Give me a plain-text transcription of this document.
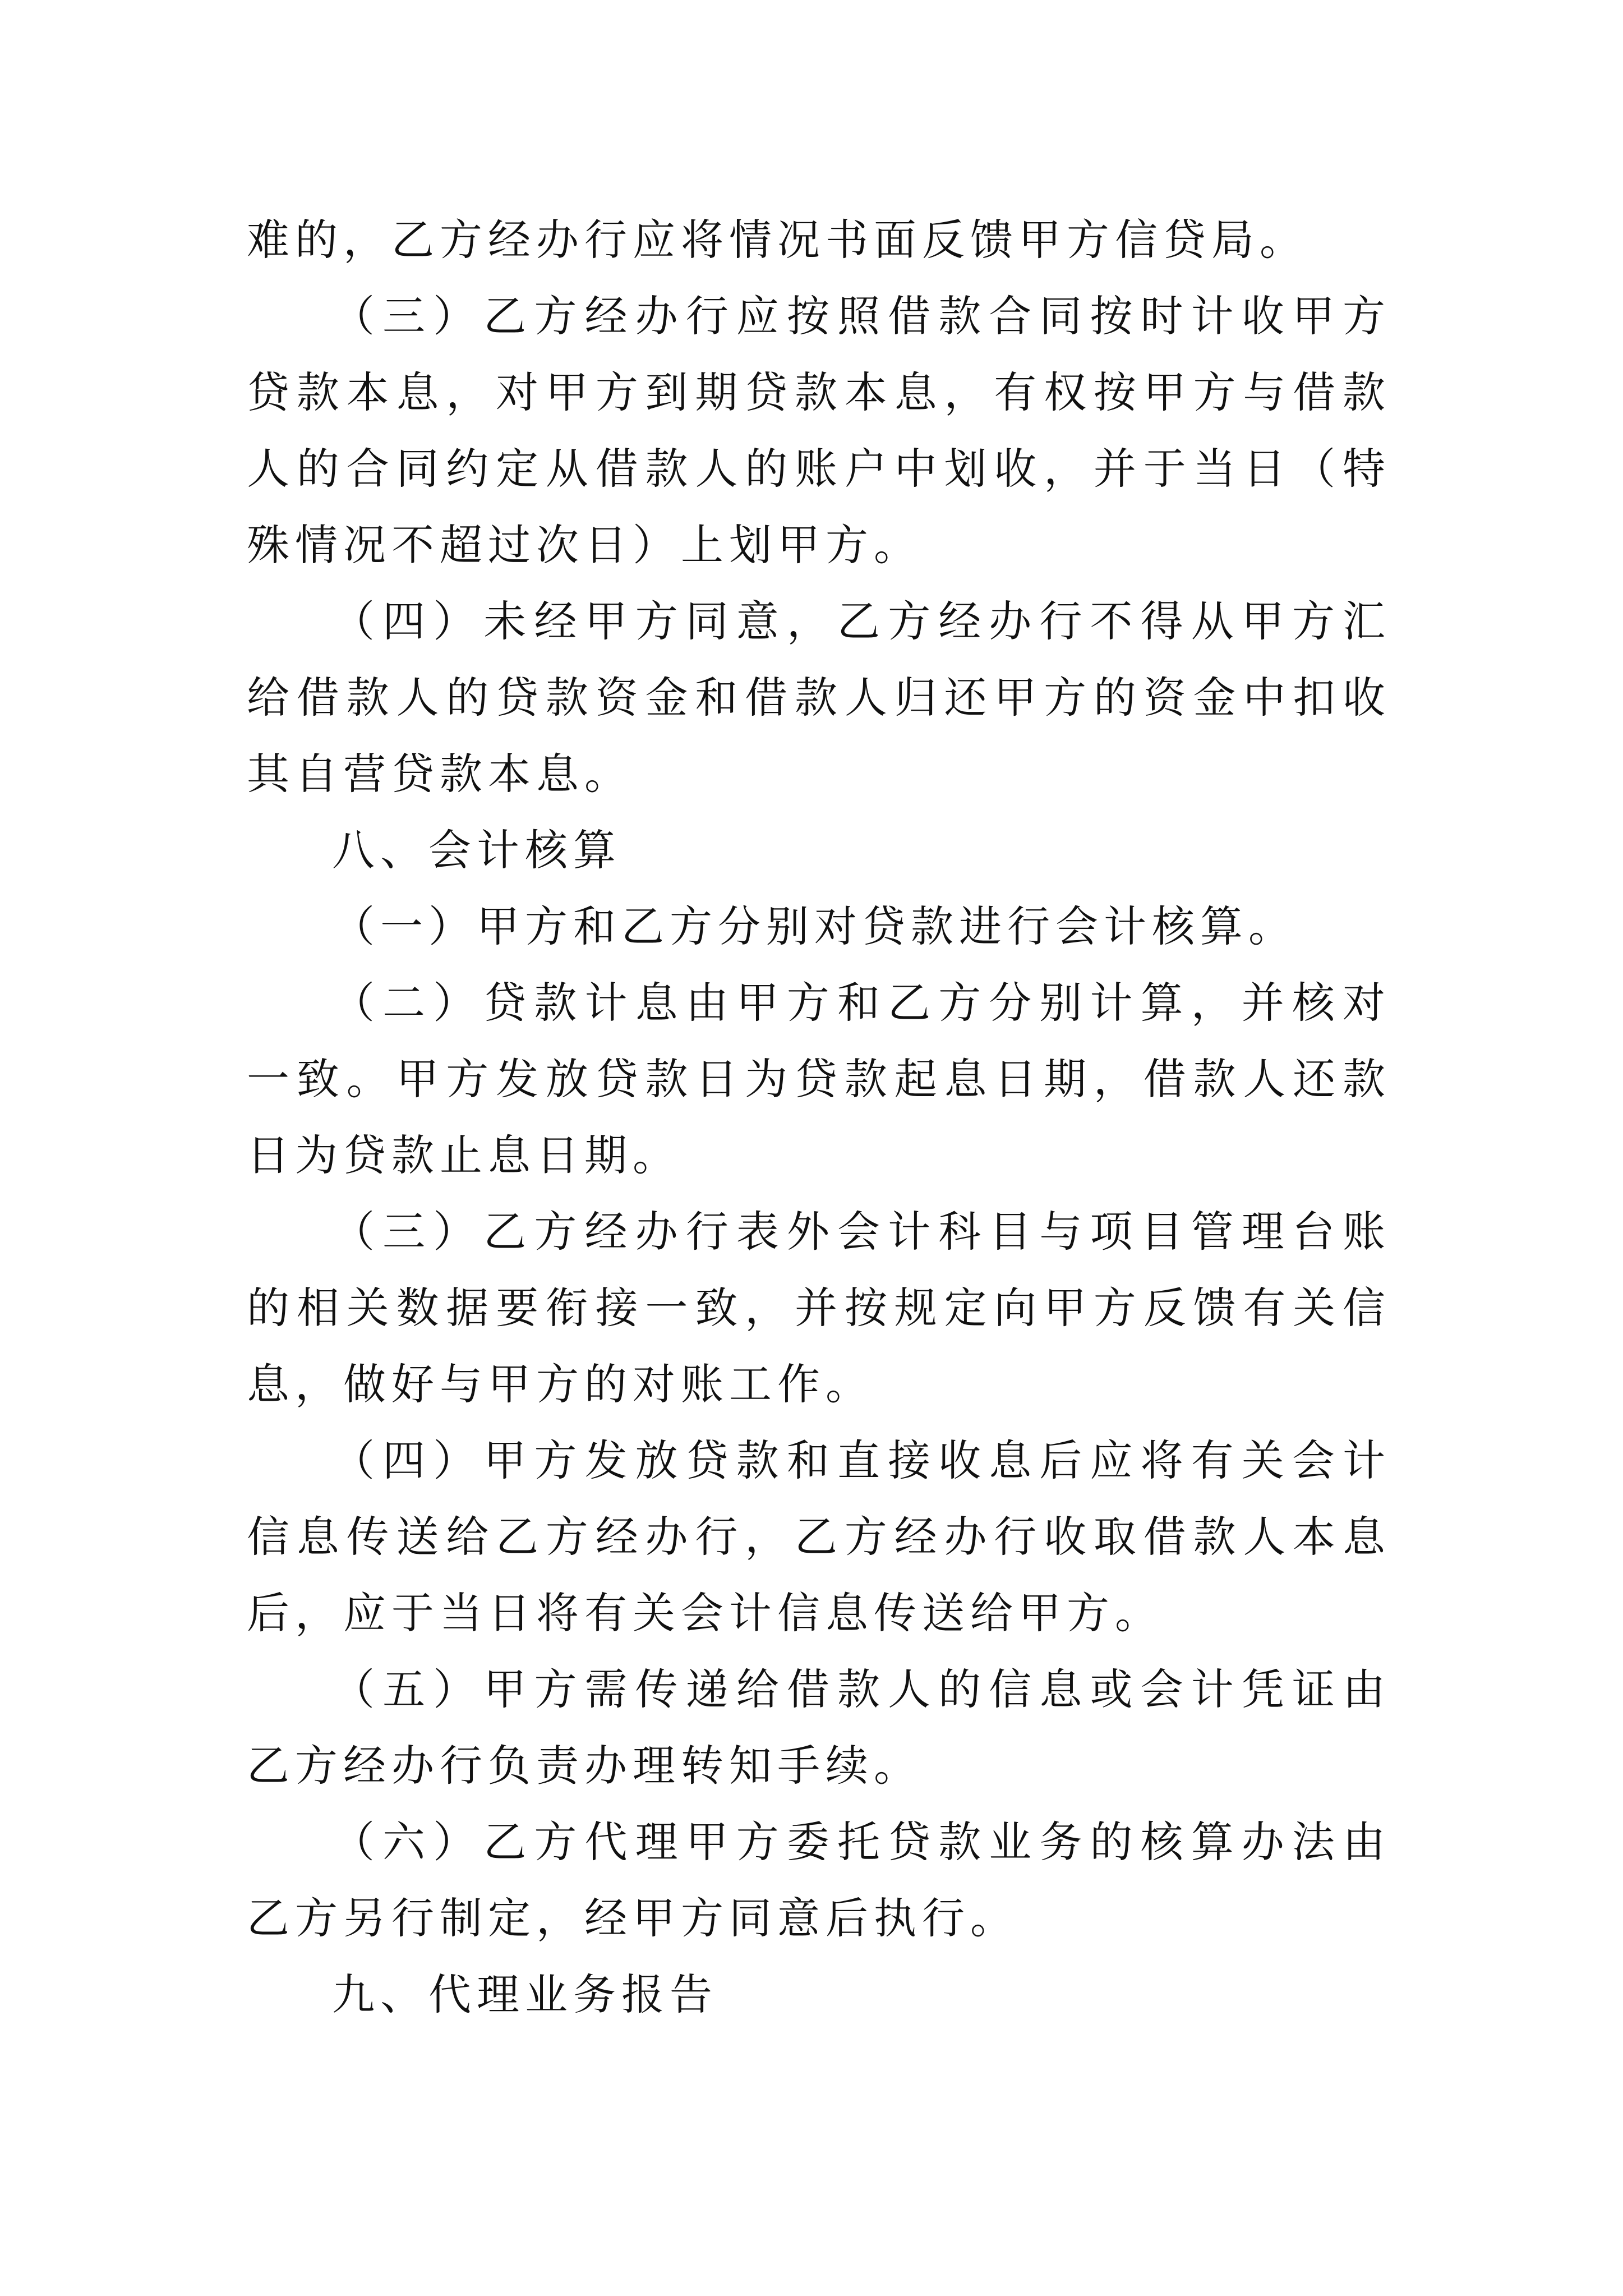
难的，乙方经办行应将情况书面反馈甲方信贷局。

（三）乙方经办行应按照借款合同按时计收甲方贷款本息，对甲方到期贷款本息，有权按甲方与借款人的合同约定从借款人的账户中划收，并于当日（特殊情况不超过次日）上划甲方。

（四）未经甲方同意，乙方经办行不得从甲方汇给借款人的贷款资金和借款人归还甲方的资金中扣收其自营贷款本息。

八、会计核算

（一）甲方和乙方分别对贷款进行会计核算。

（二）贷款计息由甲方和乙方分别计算，并核对一致。甲方发放贷款日为贷款起息日期，借款人还款日为贷款止息日期。

（三）乙方经办行表外会计科目与项目管理台账的相关数据要衔接一致，并按规定向甲方反馈有关信息，做好与甲方的对账工作。

（四）甲方发放贷款和直接收息后应将有关会计信息传送给乙方经办行，乙方经办行收取借款人本息后，应于当日将有关会计信息传送给甲方。

（五）甲方需传递给借款人的信息或会计凭证由乙方经办行负责办理转知手续。

（六）乙方代理甲方委托贷款业务的核算办法由乙方另行制定，经甲方同意后执行。

九、代理业务报告
